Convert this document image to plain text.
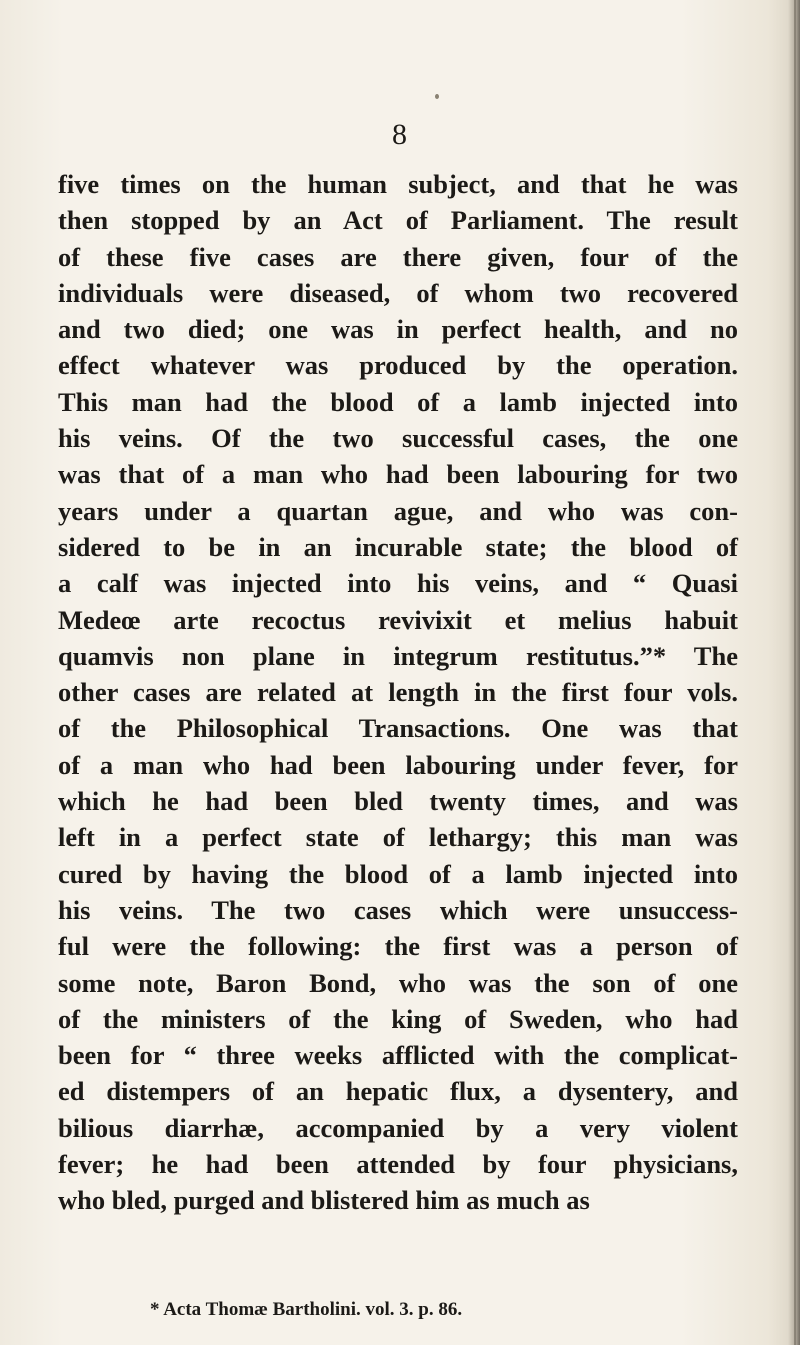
8
five times on the human subject, and that he was
then stopped by an Act of Parliament. The result
of these five cases are there given, four of the
individuals were diseased, of whom two recovered
and two died; one was in perfect health, and no
effect whatever was produced by the operation.
This man had the blood of a lamb injected into
his veins. Of the two successful cases, the one
was that of a man who had been labouring for two
years under a quartan ague, and who was con-
sidered to be in an incurable state; the blood of
a calf was injected into his veins, and “ Quasi
Medeœ arte recoctus revivixit et melius habuit
quamvis non plane in integrum restitutus.”* The
other cases are related at length in the first four vols.
of the Philosophical Transactions. One was that
of a man who had been labouring under fever, for
which he had been bled twenty times, and was
left in a perfect state of lethargy; this man was
cured by having the blood of a lamb injected into
his veins. The two cases which were unsuccess-
ful were the following: the first was a person of
some note, Baron Bond, who was the son of one
of the ministers of the king of Sweden, who had
been for “ three weeks afflicted with the complicat-
ed distempers of an hepatic flux, a dysentery, and
bilious diarrhæ, accompanied by a very violent
fever; he had been attended by four physicians,
who bled, purged and blistered him as much as
* Acta Thomæ Bartholini. vol. 3. p. 86.
